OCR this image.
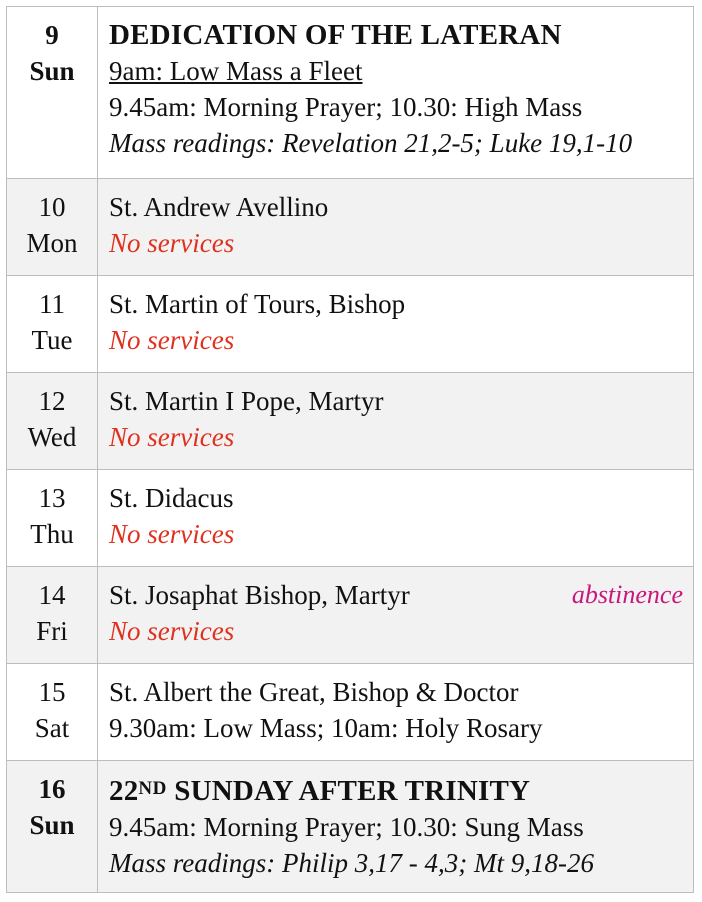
9
Sun	DEDICATION OF THE LATERAN
9am: Low Mass a Fleet
9.45am: Morning Prayer; 10.30: High Mass
Mass readings: Revelation 21,2-5; Luke 19,1-10

10
Mon	St. Andrew Avellino
No services

11
Tue	St. Martin of Tours, Bishop
No services

12
Wed	St. Martin I Pope, Martyr
No services

13
Thu	St. Didacus
No services

14
Fri	St. Josaphat Bishop, Martyr
No services
abstinence

15
Sat	St. Albert the Great, Bishop & Doctor
9.30am: Low Mass; 10am: Holy Rosary

16
Sun	22ND SUNDAY AFTER TRINITY
9.45am: Morning Prayer; 10.30: Sung Mass
Mass readings: Philip 3,17 - 4,3; Mt 9,18-26
